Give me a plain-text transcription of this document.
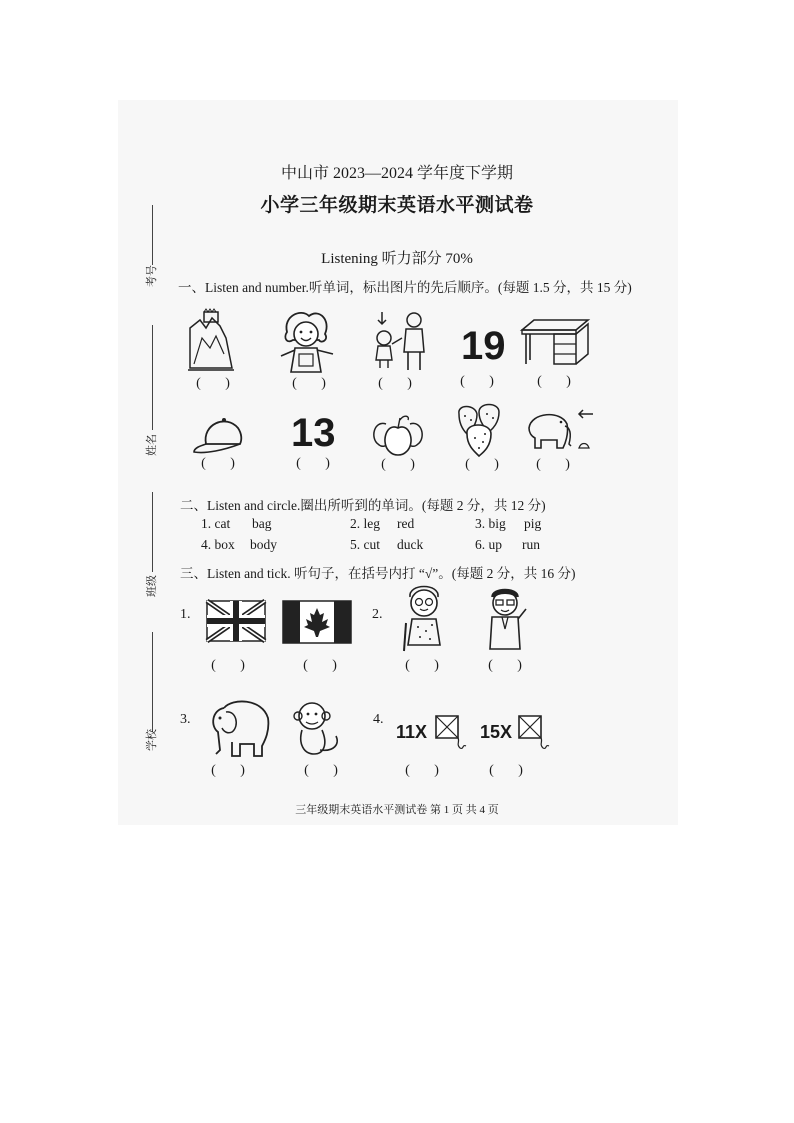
考号
姓名
班级
学校
中山市 2023—2024 学年度下学期
小学三年级期末英语水平测试卷
Listening 听力部分 70%
一、Listen and number.听单词，标出图片的先后顺序。(每题 1.5 分，共 15 分)
19
(       )	(       )	(       )	(       )	(       )
13
(       )	(       )	(       )	(       )	(       )
二、Listen and circle.圈出所听到的单词。(每题 2 分，共 12 分)
1. cat bag	2. leg red	3. big pig
4. box body	5. cut duck	6. up run
三、Listen and tick. 听句子，在括号内打 “√”。(每题 2 分，共 16 分)
1.	2.
(       )	(       )	(       )	(       )
3.	4.
11X	15X
(       )	(       )	(       )	(       )
三年级期末英语水平测试卷 第 1 页 共 4 页
